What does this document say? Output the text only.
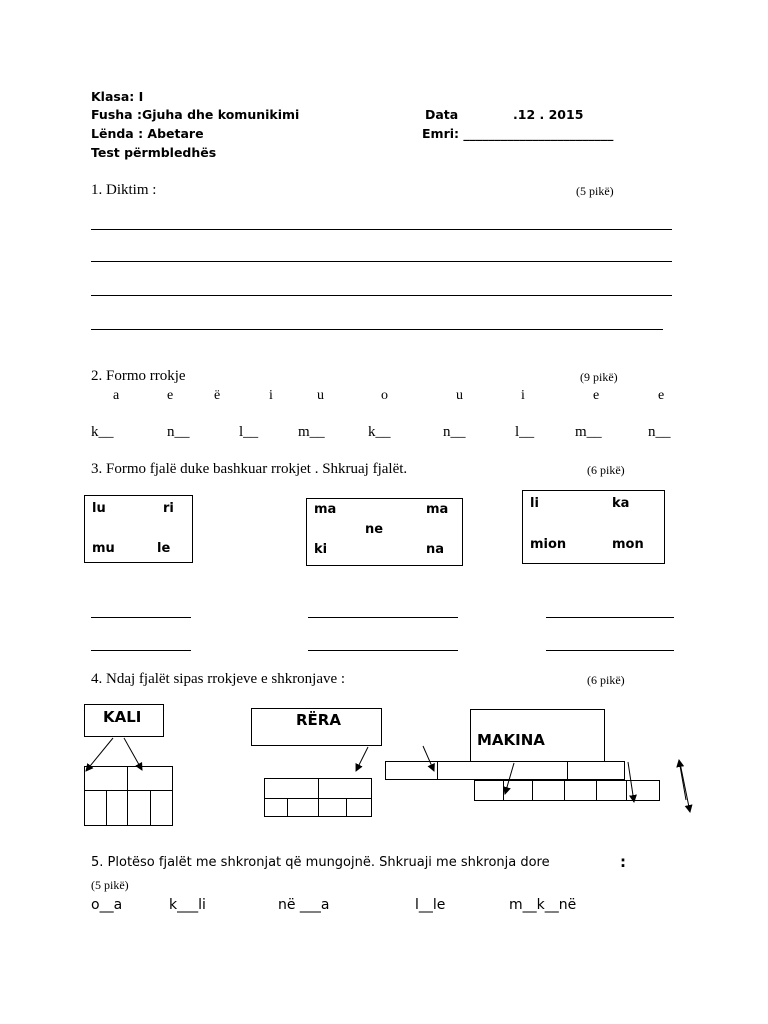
Klasa: I
Fusha :Gjuha dhe komunikimi
Lënda : Abetare
Test përmbledhës
Data	.12 . 2015
Emri: ________________________
1. Diktim :	(5 pikë)
2. Formo rrokje	(9 pikë)
a	e	ë	i	u	o	u	i	e	e
k__	n__	l__	m__	k__	n__	l__	m__	n__
3. Formo fjalë duke bashkuar rrokjet . Shkruaj fjalët.	(6 pikë)
lu	ri
mu	le
ma	ma
ne
ki	na
li	ka
mion	mon
4. Ndaj fjalët sipas rrokjeve e shkronjave :	(6 pikë)
KALI	RËRA
MAKINA
5. Plotëso fjalët me shkronjat që mungojnë. Shkruaji me shkronja dore	:
(5 pikë)
o__a	k___li	në ___a	l__le	m__k__në
